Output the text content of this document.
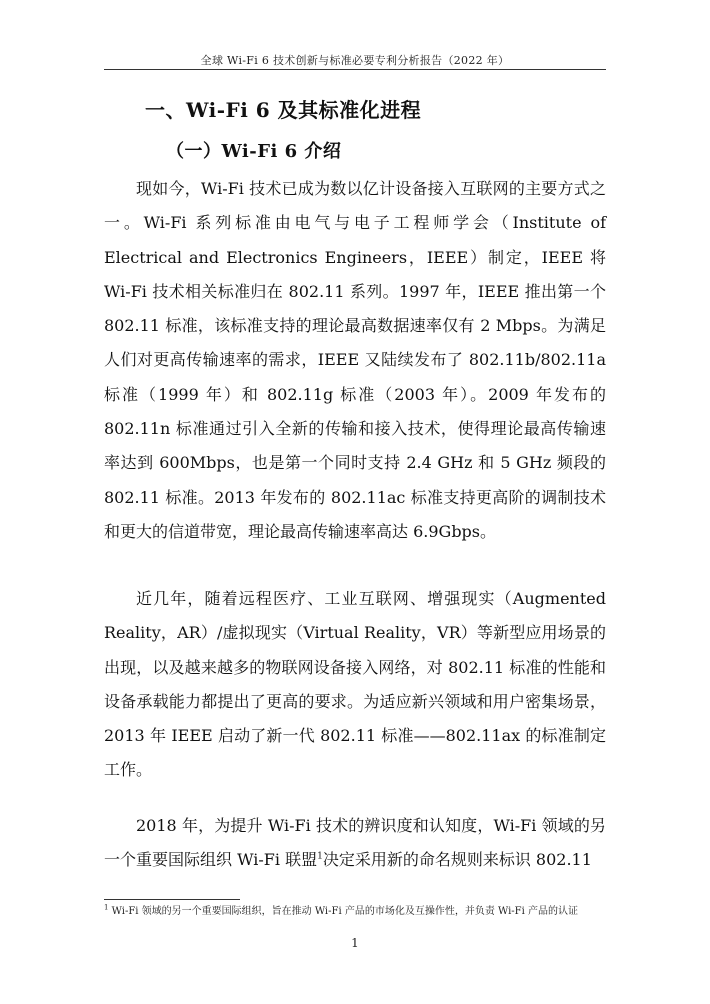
全球 Wi-Fi 6 技术创新与标准必要专利分析报告（2022 年）
一、Wi-Fi 6 及其标准化进程
（一）Wi-Fi 6 介绍

现如今，Wi-Fi 技术已成为数以亿计设备接入互联网的主要方式之一。Wi-Fi 系列标准由电气与电子工程师学会（Institute of Electrical and Electronics Engineers，IEEE）制定，IEEE 将 Wi-Fi 技术相关标准归在 802.11 系列。1997 年，IEEE 推出第一个 802.11 标准，该标准支持的理论最高数据速率仅有 2 Mbps。为满足人们对更高传输速率的需求，IEEE 又陆续发布了 802.11b/802.11a 标准（1999 年）和 802.11g 标准（2003 年）。2009 年发布的 802.11n 标准通过引入全新的传输和接入技术，使得理论最高传输速率达到 600Mbps，也是第一个同时支持 2.4 GHz 和 5 GHz 频段的 802.11 标准。2013 年发布的 802.11ac 标准支持更高阶的调制技术和更大的信道带宽，理论最高传输速率高达 6.9Gbps。

近几年，随着远程医疗、工业互联网、增强现实（Augmented Reality，AR）/虚拟现实（Virtual Reality，VR）等新型应用场景的出现，以及越来越多的物联网设备接入网络，对 802.11 标准的性能和设备承载能力都提出了更高的要求。为适应新兴领域和用户密集场景，2013 年 IEEE 启动了新一代 802.11 标准——802.11ax 的标准制定工作。

2018 年，为提升 Wi-Fi 技术的辨识度和认知度，Wi-Fi 领域的另一个重要国际组织 Wi-Fi 联盟$^1$决定采用新的命名规则来标识 802.11

$^1$ Wi-Fi 领域的另一个重要国际组织，旨在推动 Wi-Fi 产品的市场化及互操作性，并负责 Wi-Fi 产品的认证
1
